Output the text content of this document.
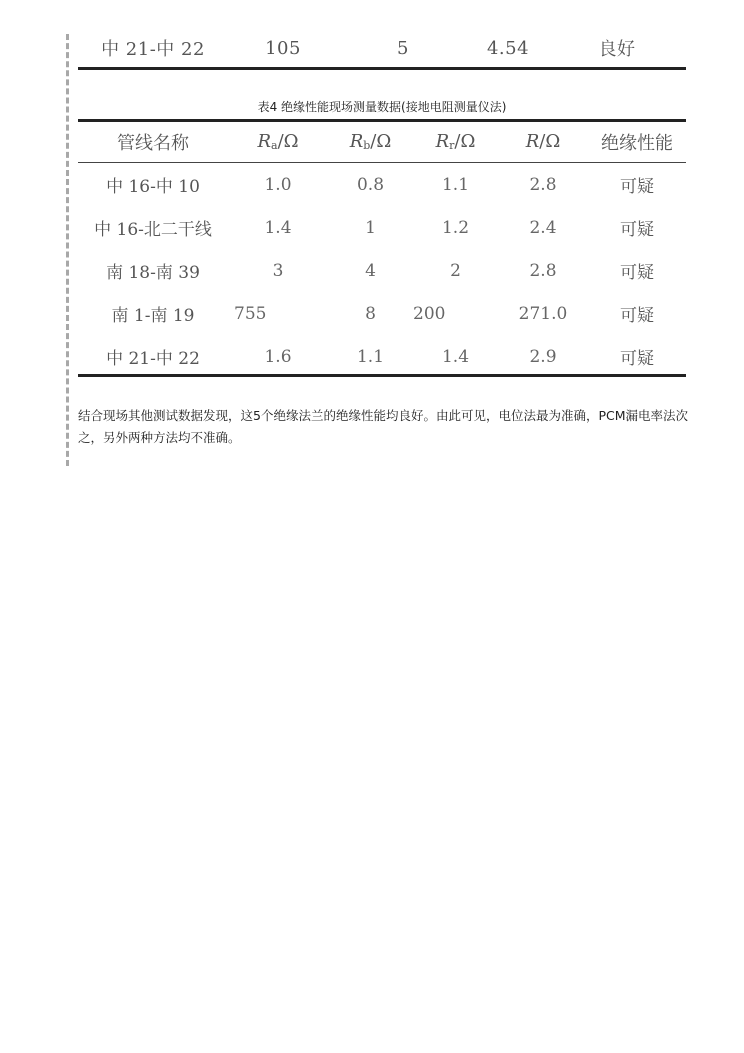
中 21-中 22	105	5	4.54	良好
表4 绝缘性能现场测量数据(接地电阻测量仪法)
管线名称	$R_a/\Omega$	$R_b/\Omega$	$R_r/\Omega$	R/Ω	绝缘性能
中 16-中 10	1.0	0.8	1.1	2.8	可疑
中 16-北二干线	1.4	1	1.2	2.4	可疑
南 18-南 39	3	4	2	2.8	可疑
南 1-南 19	755	8	200	271.0	可疑
中 21-中 22	1.6	1.1	1.4	2.9	可疑

结合现场其他测试数据发现，这5个绝缘法兰的绝缘性能均良好。由此可见，电位法最为准确，PCM漏电率法次之，另外两种方法均不准确。
